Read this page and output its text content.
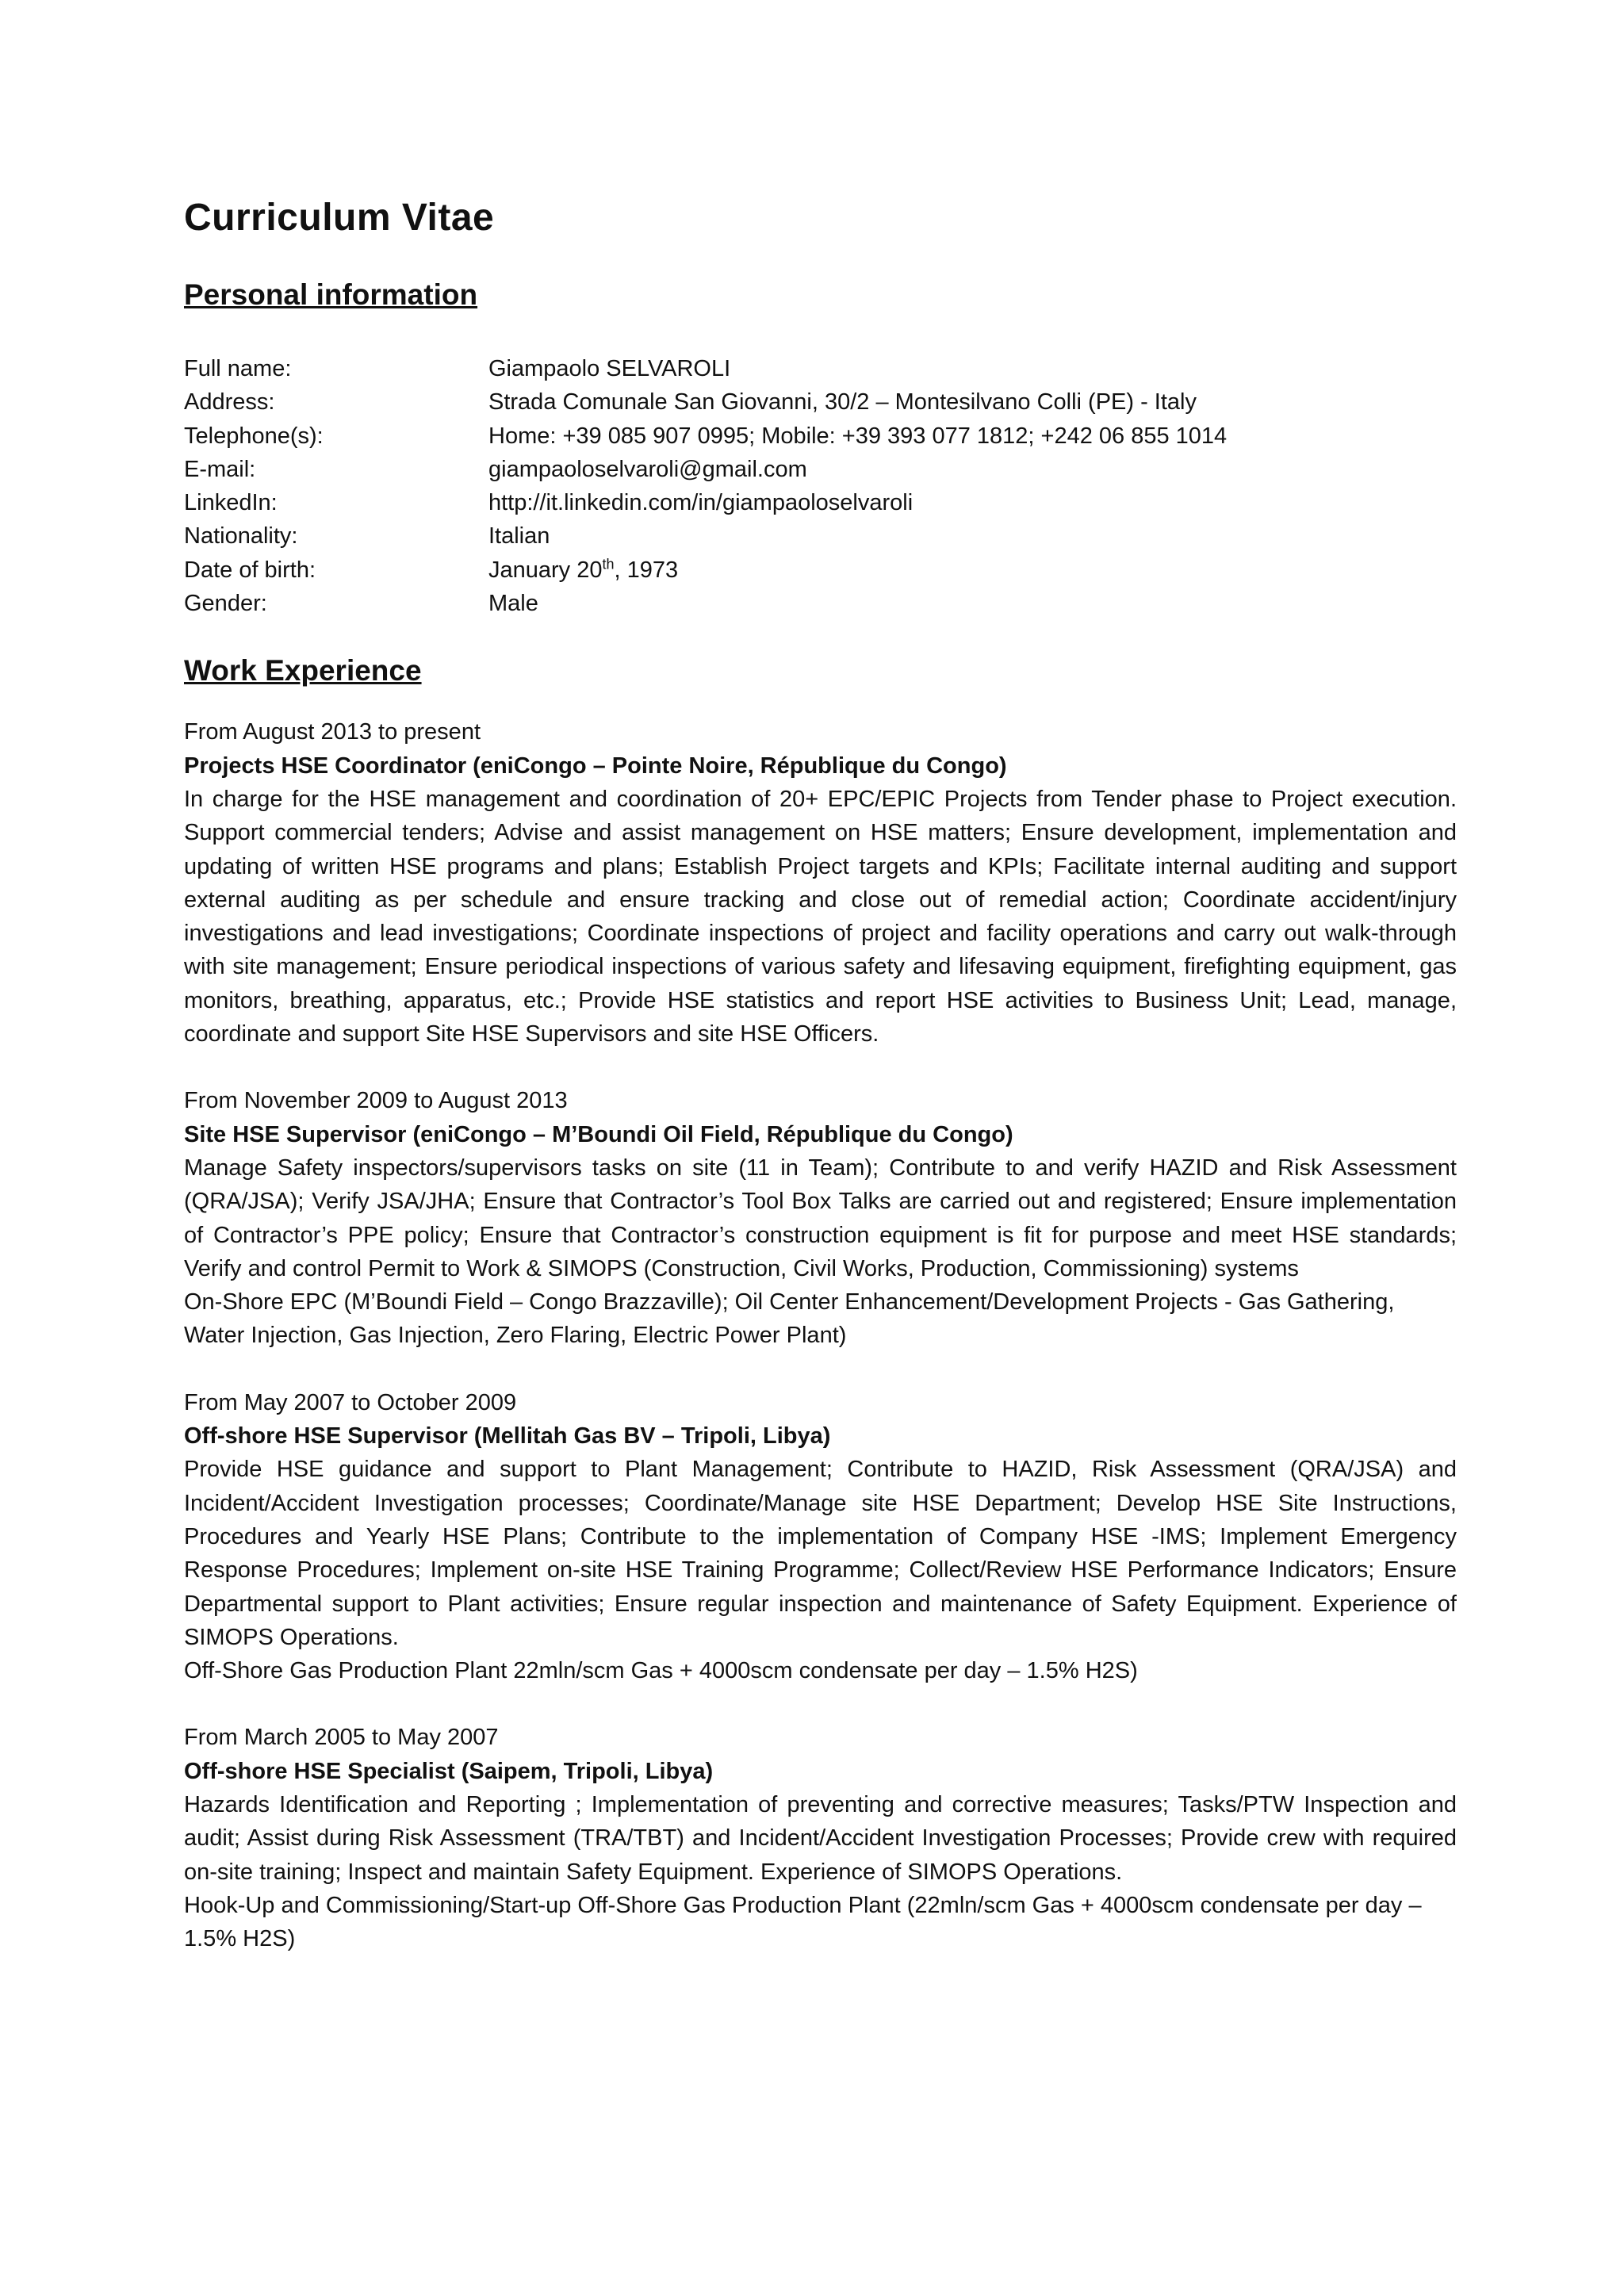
Curriculum Vitae
Personal information
Full name:	Giampaolo SELVAROLI
Address:	Strada Comunale San Giovanni, 30/2 – Montesilvano Colli (PE) - Italy
Telephone(s):	Home: +39 085 907 0995; Mobile: +39 393 077 1812; +242 06 855 1014
E-mail:	giampaoloselvaroli@gmail.com
LinkedIn:	http://it.linkedin.com/in/giampaoloselvaroli
Nationality:	Italian
Date of birth:	January 20th, 1973
Gender:	Male
Work Experience

From August 2013 to present

Projects HSE Coordinator (eniCongo – Pointe Noire, République du Congo)

In charge for the HSE management and coordination of 20+ EPC/EPIC Projects from Tender phase to Project execution. Support commercial tenders; Advise and assist management on HSE matters; Ensure development, implementation and updating of written HSE programs and plans; Establish Project targets and KPIs; Facilitate internal auditing and support external auditing as per schedule and ensure tracking and close out of remedial action; Coordinate accident/injury investigations and lead investigations; Coordinate inspections of project and facility operations and carry out walk-through with site management; Ensure periodical inspections of various safety and lifesaving equipment, firefighting equipment, gas monitors, breathing, apparatus, etc.; Provide HSE statistics and report HSE activities to Business Unit; Lead, manage, coordinate and support Site HSE Supervisors and site HSE Officers.

From November 2009 to August 2013

Site HSE Supervisor (eniCongo – M’Boundi Oil Field, République du Congo)

Manage Safety inspectors/supervisors tasks on site (11 in Team); Contribute to and verify HAZID and Risk Assessment (QRA/JSA); Verify JSA/JHA; Ensure that Contractor’s Tool Box Talks are carried out and registered; Ensure implementation of Contractor’s PPE policy; Ensure that Contractor’s construction equipment is fit for purpose and meet HSE standards; Verify and control Permit to Work & SIMOPS (Construction, Civil Works, Production, Commissioning) systems

On-Shore EPC (M’Boundi Field – Congo Brazzaville); Oil Center Enhancement/Development Projects - Gas Gathering, Water Injection, Gas Injection, Zero Flaring, Electric Power Plant)

From May 2007 to October 2009

Off-shore HSE Supervisor (Mellitah Gas BV – Tripoli, Libya)

Provide HSE guidance and support to Plant Management; Contribute to HAZID, Risk Assessment (QRA/JSA) and Incident/Accident Investigation processes; Coordinate/Manage site HSE Department; Develop HSE Site Instructions, Procedures and Yearly HSE Plans; Contribute to the implementation of Company HSE -IMS; Implement Emergency Response Procedures; Implement on-site HSE Training Programme; Collect/Review HSE Performance Indicators; Ensure Departmental support to Plant activities; Ensure regular inspection and maintenance of Safety Equipment. Experience of SIMOPS Operations.

Off-Shore Gas Production Plant 22mln/scm Gas + 4000scm condensate per day – 1.5% H2S)

From March 2005 to May 2007

Off-shore HSE Specialist (Saipem, Tripoli, Libya)

Hazards Identification and Reporting ; Implementation of preventing and corrective measures; Tasks/PTW Inspection and audit; Assist during Risk Assessment (TRA/TBT) and Incident/Accident Investigation Processes; Provide crew with required on-site training; Inspect and maintain Safety Equipment. Experience of SIMOPS Operations.

Hook-Up and Commissioning/Start-up Off-Shore Gas Production Plant (22mln/scm Gas + 4000scm condensate per day – 1.5% H2S)
